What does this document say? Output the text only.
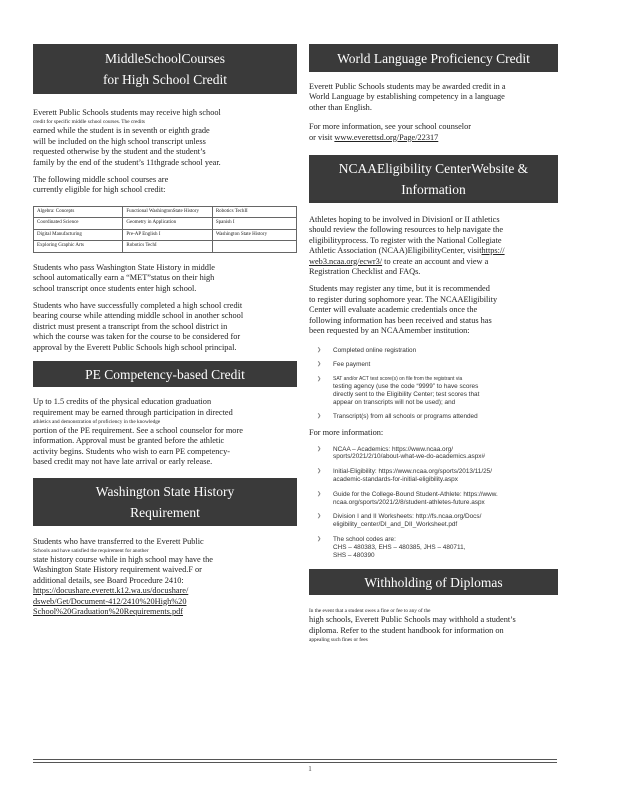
MiddleSchoolCourses
for High School Credit
Everett Public Schools students may receive high school
credit for specific middle school courses. The credits
earned while the student is in seventh or eighth grade
will be included on the high school transcript unless
requested otherwise by the student and the student’s
family by the end of the student’s 11thgrade school year.
The following middle school courses are
currently eligible for high school credit:
Algebra: Concepts	Functional WashingtonState History	Robotics TechII
Coordinated Science	Geometry in Application	Spanish I
Digital Manufacturing	Pre-AP English I	Washington State History
Exploring Graphic Arts	Robotics TechI	
Students who pass Washington State History in middle
school automatically earn a “MET”status on their high
school transcript once students enter high school.
Students who have successfully completed a high school credit
bearing course while attending middle school in another school
district must present a transcript from the school district in
which the course was taken for the course to be considered for
approval by the Everett Public Schools high school principal.
PE Competency-based Credit
Up to 1.5 credits of the physical education graduation
requirement may be earned through participation in directed
athletics and demonstration of proficiency in the knowledge
portion of the PE requirement. See a school counselor for more
information. Approval must be granted before the athletic
activity begins. Students who wish to earn PE competency-
based credit may not have late arrival or early release.
Washington State History
Requirement
Students who have transferred to the Everett Public
Schools and have satisfied the requirement for another
state history course while in high school may have the
Washington State History requirement waived.F or
additional details, see Board Procedure 2410:
https://docushare.everett.k12.wa.us/docushare/
dsweb/Get/Document-412/2410%20High%20
School%20Graduation%20Requirements.pdf
World Language Proficiency Credit
Everett Public Schools students may be awarded credit in a
World Language by establishing competency in a language
other than English.
For more information, see your school counselor
or visit www.everettsd.org/Page/22317
NCAAEligibility CenterWebsite &
Information
Athletes hoping to be involved in DivisionI or II athletics
should review the following resources to help navigate the
eligibilityprocess. To register with the National Collegiate
Athletic Association (NCAA)EligibilityCenter, visithttps://
web3.ncaa.org/ecwr3/ to create an account and view a
Registration Checklist and FAQs.
Students may register any time, but it is recommended
to register during sophomore year. The NCAAEligibility
Center will evaluate academic credentials once the
following information has been received and status has
been requested by an NCAAmember institution:
❯ Completed online registration
❯ Fee payment
❯ SAT and/or ACT test score(s) on file from the registrant via
testing agency (use the code “9999” to have scores
directly sent to the Eligibility Center; test scores that
appear on transcripts will not be used); and
❯ Transcript(s) from all schools or programs attended
For more information:
❯ NCAA – Academics: https://www.ncaa.org/
sports/2021/2/10/about-what-we-do-academics.aspx#
❯ Initial-Eligibility: https://www.ncaa.org/sports/2013/11/25/
academic-standards-for-initial-eligibility.aspx
❯ Guide for the College-Bound Student-Athlete: https://www.
ncaa.org/sports/2021/2/8/student-athletes-future.aspx
❯ Division I and II Worksheets: http://fs.ncaa.org/Docs/
eligibility_center/DI_and_DII_Worksheet.pdf
❯ The school codes are:
CHS – 480383, EHS – 480385, JHS – 480711,
SHS – 480390
Withholding of Diplomas
In the event that a student owes a fine or fee to any of the
high schools, Everett Public Schools may withhold a student’s
diploma. Refer to the student handbook for information on
appealing such fines or fees
1
